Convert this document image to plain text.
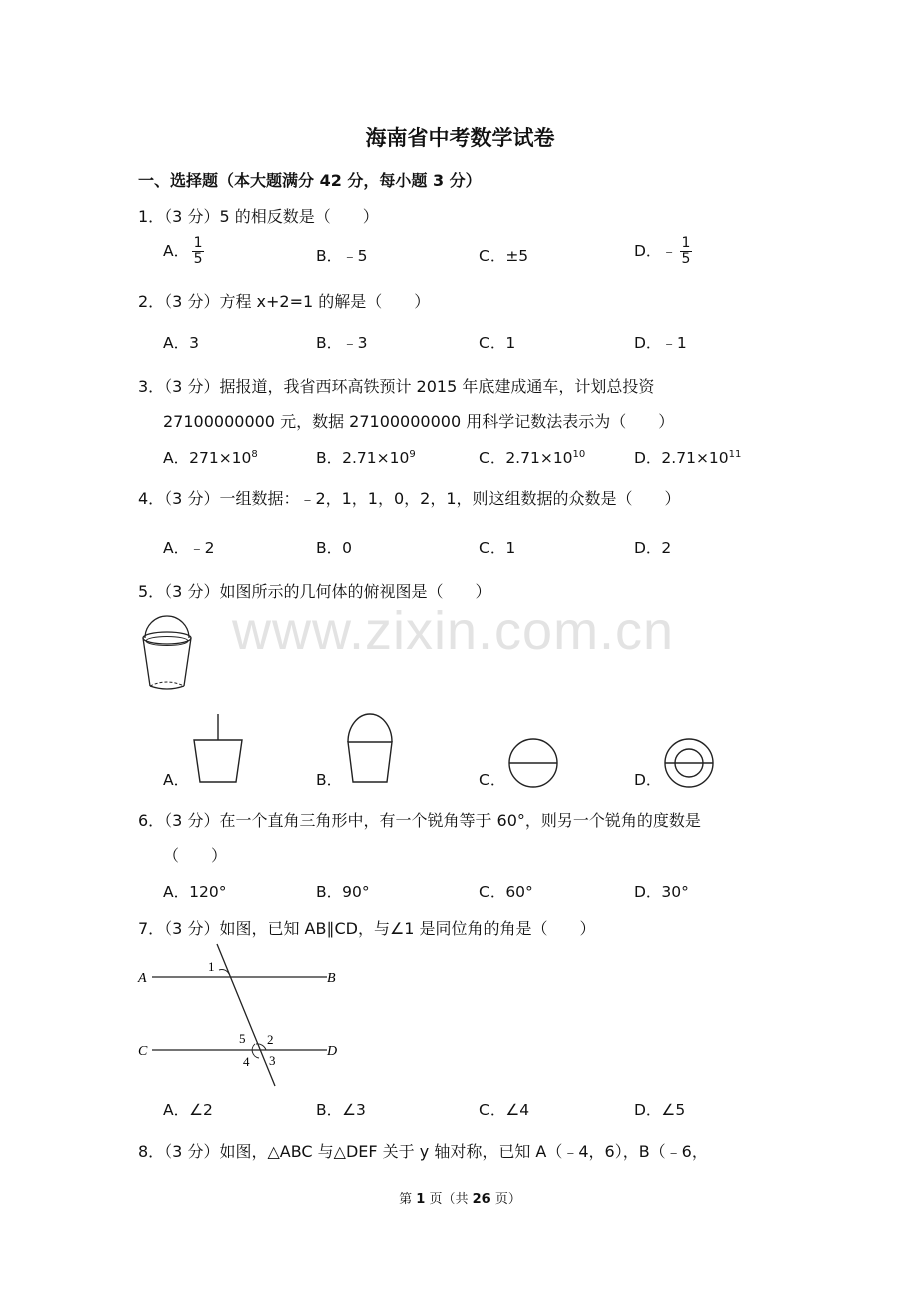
www.zixin.com.cn
海南省中考数学试卷
一、选择题（本大题满分 42 分，每小题 3 分）
1．（3 分）5 的相反数是（　　）
A． $\frac{1}{5}$	B．﹣5	C．±5	D．﹣ $\frac{1}{5}$
2．（3 分）方程 x+2=1 的解是（　　）
A．3	B．﹣3	C．1	D．﹣1
3．（3 分）据报道，我省西环高铁预计 2015 年底建成通车，计划总投资
27100000000 元，数据 27100000000 用科学记数法表示为（　　）
A．$271\times 10^8$	B．$2.71\times 10^9$	C．$2.71\times 10^{10}$	D．$2.71\times 10^{11}$
4．（3 分）一组数据：﹣2，1，1，0，2，1，则这组数据的众数是（　　）
A．﹣2	B．0	C．1	D．2
5．（3 分）如图所示的几何体的俯视图是（　　）
A．	B．	C．	D．
6．（3 分）在一个直角三角形中，有一个锐角等于 60°，则另一个锐角的度数是
（　　）
A．120°	B．90°	C．60°	D．30°
7．（3 分）如图，已知 AB∥CD，与∠1 是同位角的角是（　　）
A	B
C	D
1
2
3
4
5
A．∠2	B．∠3	C．∠4	D．∠5
8．（3 分）如图，△ABC 与△DEF 关于 y 轴对称，已知 A（﹣4，6），B（﹣6，
第 1 页（共 26 页）
